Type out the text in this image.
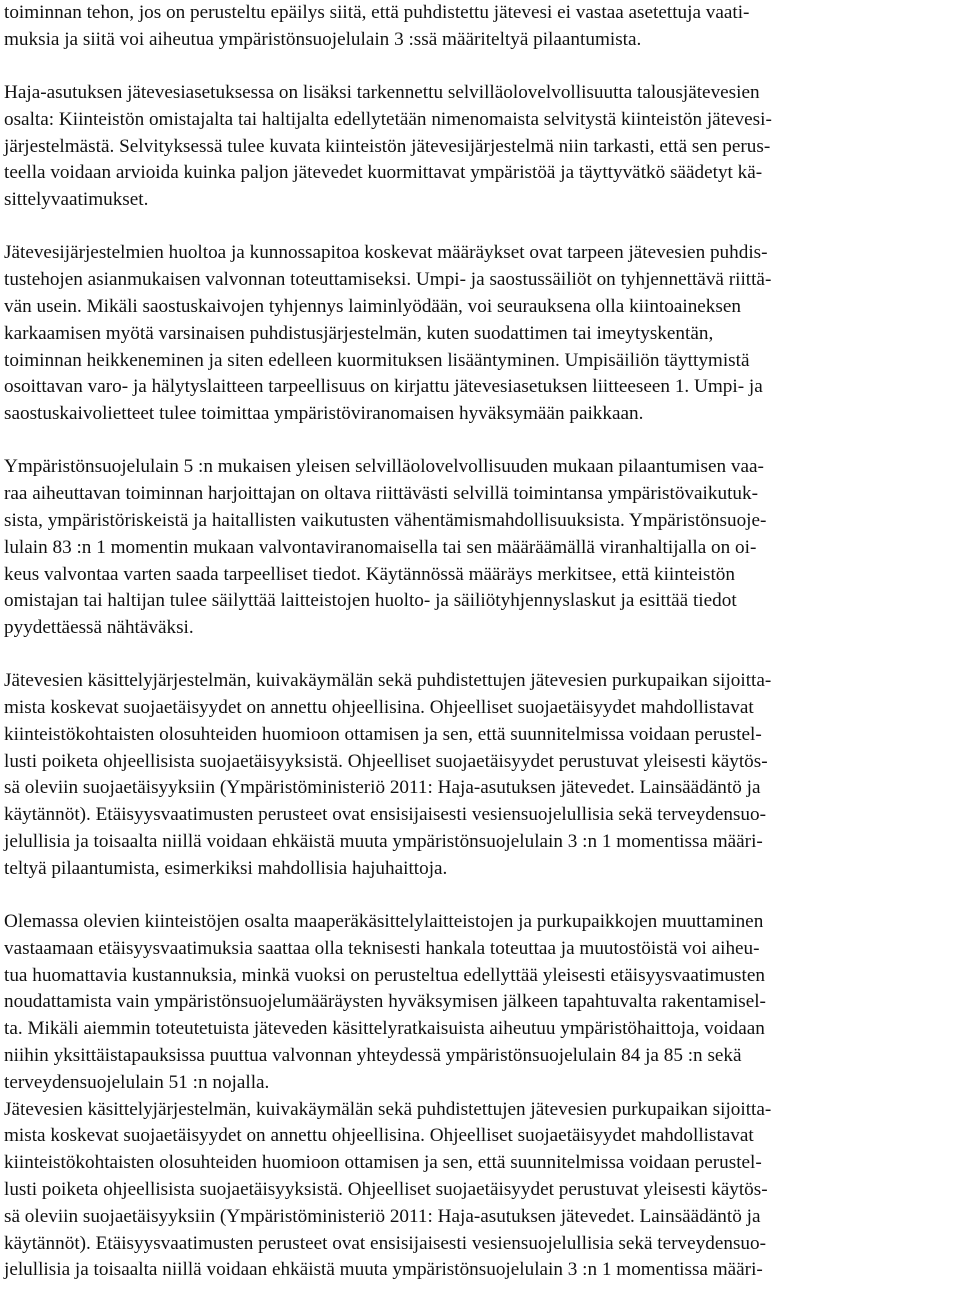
toiminnan tehon, jos on perusteltu epäilys siitä, että puhdistettu jätevesi ei vastaa asetettuja vaati-
muksia ja siitä voi aiheutua ympäristönsuojelulain 3 :ssä määriteltyä pilaantumista.
Haja-asutuksen jätevesiasetuksessa on lisäksi tarkennettu selvilläolovelvollisuutta talousjätevesien
osalta: Kiinteistön omistajalta tai haltijalta edellytetään nimenomaista selvitystä kiinteistön jätevesi-
järjestelmästä. Selvityksessä tulee kuvata kiinteistön jätevesijärjestelmä niin tarkasti, että sen perus-
teella voidaan arvioida kuinka paljon jätevedet kuormittavat ympäristöä ja täyttyvätkö säädetyt kä-
sittelyvaatimukset.
Jätevesijärjestelmien huoltoa ja kunnossapitoa koskevat määräykset ovat tarpeen jätevesien puhdis-
tustehojen asianmukaisen valvonnan toteuttamiseksi. Umpi- ja saostussäiliöt on tyhjennettävä riittä-
vän usein. Mikäli saostuskaivojen tyhjennys laiminlyödään, voi seurauksena olla kiintoaineksen
karkaamisen myötä varsinaisen puhdistusjärjestelmän, kuten suodattimen tai imeytyskentän,
toiminnan heikkeneminen ja siten edelleen kuormituksen lisääntyminen. Umpisäiliön täyttymistä
osoittavan varo- ja hälytyslaitteen tarpeellisuus on kirjattu jätevesiasetuksen liitteeseen 1. Umpi- ja
saostuskaivolietteet tulee toimittaa ympäristöviranomaisen hyväksymään paikkaan.
Ympäristönsuojelulain 5 :n mukaisen yleisen selvilläolovelvollisuuden mukaan pilaantumisen vaa-
raa aiheuttavan toiminnan harjoittajan on oltava riittävästi selvillä toimintansa ympäristövaikutuk-
sista, ympäristöriskeistä ja haitallisten vaikutusten vähentämismahdollisuuksista. Ympäristönsuoje-
lulain 83 :n 1 momentin mukaan valvontaviranomaisella tai sen määräämällä viranhaltijalla on oi-
keus valvontaa varten saada tarpeelliset tiedot. Käytännössä määräys merkitsee, että kiinteistön
omistajan tai haltijan tulee säilyttää laitteistojen huolto- ja säiliötyhjennyslaskut ja esittää tiedot
pyydettäessä nähtäväksi.
Jätevesien käsittelyjärjestelmän, kuivakäymälän sekä puhdistettujen jätevesien purkupaikan sijoitta-
mista koskevat suojaetäisyydet on annettu ohjeellisina. Ohjeelliset suojaetäisyydet mahdollistavat
kiinteistökohtaisten olosuhteiden huomioon ottamisen ja sen, että suunnitelmissa voidaan perustel-
lusti poiketa ohjeellisista suojaetäisyyksistä. Ohjeelliset suojaetäisyydet perustuvat yleisesti käytös-
sä oleviin suojaetäisyyksiin (Ympäristöministeriö 2011: Haja-asutuksen jätevedet. Lainsäädäntö ja
käytännöt). Etäisyysvaatimusten perusteet ovat ensisijaisesti vesiensuojelullisia sekä terveydensuo-
jelullisia ja toisaalta niillä voidaan ehkäistä muuta ympäristönsuojelulain 3 :n 1 momentissa määri-
teltyä pilaantumista, esimerkiksi mahdollisia hajuhaittoja.
Olemassa olevien kiinteistöjen osalta maaperäkäsittelylaitteistojen ja purkupaikkojen muuttaminen
vastaamaan etäisyysvaatimuksia saattaa olla teknisesti hankala toteuttaa ja muutostöistä voi aiheu-
tua huomattavia kustannuksia, minkä vuoksi on perusteltua edellyttää yleisesti etäisyysvaatimusten
noudattamista vain ympäristönsuojelumääräysten hyväksymisen jälkeen tapahtuvalta rakentamisel-
ta. Mikäli aiemmin toteutetuista jäteveden käsittelyratkaisuista aiheutuu ympäristöhaittoja, voidaan
niihin yksittäistapauksissa puuttua valvonnan yhteydessä ympäristönsuojelulain 84 ja 85 :n sekä
terveydensuojelulain 51 :n nojalla.
Jätevesien käsittelyjärjestelmän, kuivakäymälän sekä puhdistettujen jätevesien purkupaikan sijoitta-
mista koskevat suojaetäisyydet on annettu ohjeellisina. Ohjeelliset suojaetäisyydet mahdollistavat
kiinteistökohtaisten olosuhteiden huomioon ottamisen ja sen, että suunnitelmissa voidaan perustel-
lusti poiketa ohjeellisista suojaetäisyyksistä. Ohjeelliset suojaetäisyydet perustuvat yleisesti käytös-
sä oleviin suojaetäisyyksiin (Ympäristöministeriö 2011: Haja-asutuksen jätevedet. Lainsäädäntö ja
käytännöt). Etäisyysvaatimusten perusteet ovat ensisijaisesti vesiensuojelullisia sekä terveydensuo-
jelullisia ja toisaalta niillä voidaan ehkäistä muuta ympäristönsuojelulain 3 :n 1 momentissa määri-
